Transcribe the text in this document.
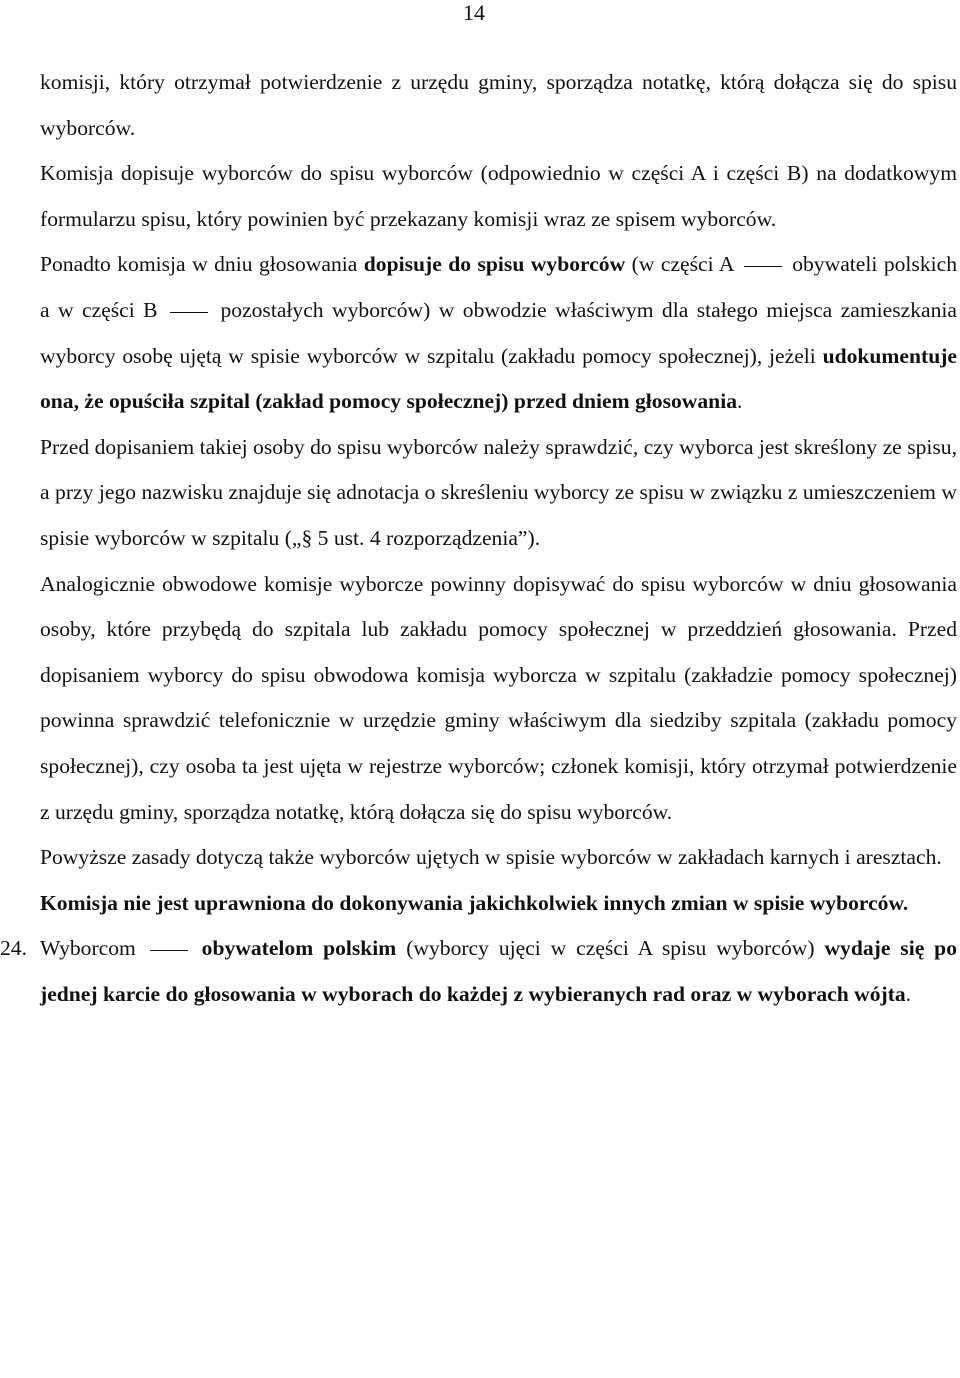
14

komisji, który otrzymał potwierdzenie z urzędu gminy, sporządza notatkę, którą dołącza się do spisu wyborców.

Komisja dopisuje wyborców do spisu wyborców (odpowiednio w części A i części B) na dodatkowym formularzu spisu, który powinien być przekazany komisji wraz ze spisem wyborców.

Ponadto komisja w dniu głosowania dopisuje do spisu wyborców (w części A  obywateli polskich a w części B  pozostałych wyborców) w obwodzie właściwym dla stałego miejsca zamieszkania wyborcy osobę ujętą w spisie wyborców w szpitalu (zakładu pomocy społecznej), jeżeli udokumentuje ona, że opuściła szpital (zakład pomocy społecznej) przed dniem głosowania.

Przed dopisaniem takiej osoby do spisu wyborców należy sprawdzić, czy wyborca jest skreślony ze spisu, a przy jego nazwisku znajduje się adnotacja o skreśleniu wyborcy ze spisu w związku z umieszczeniem w spisie wyborców w szpitalu („§ 5 ust. 4 rozporządzenia”).

Analogicznie obwodowe komisje wyborcze powinny dopisywać do spisu wyborców w dniu głosowania osoby, które przybędą do szpitala lub zakładu pomocy społecznej w przeddzień głosowania. Przed dopisaniem wyborcy do spisu obwodowa komisja wyborcza w szpitalu (zakładzie pomocy społecznej) powinna sprawdzić telefonicznie w urzędzie gminy właściwym dla siedziby szpitala (zakładu pomocy społecznej), czy osoba ta jest ujęta w rejestrze wyborców; członek komisji, który otrzymał potwierdzenie z urzędu gminy, sporządza notatkę, którą dołącza się do spisu wyborców.

Powyższe zasady dotyczą także wyborców ujętych w spisie wyborców w zakładach karnych i aresztach.

Komisja nie jest uprawniona do dokonywania jakichkolwiek innych zmian w spisie wyborców.

24. Wyborcom	obywatelom polskim (wyborcy ujęci w części A spisu wyborców) wydaje się po jednej karcie do głosowania w wyborach do każdej z wybieranych rad oraz w wyborach wójta.
